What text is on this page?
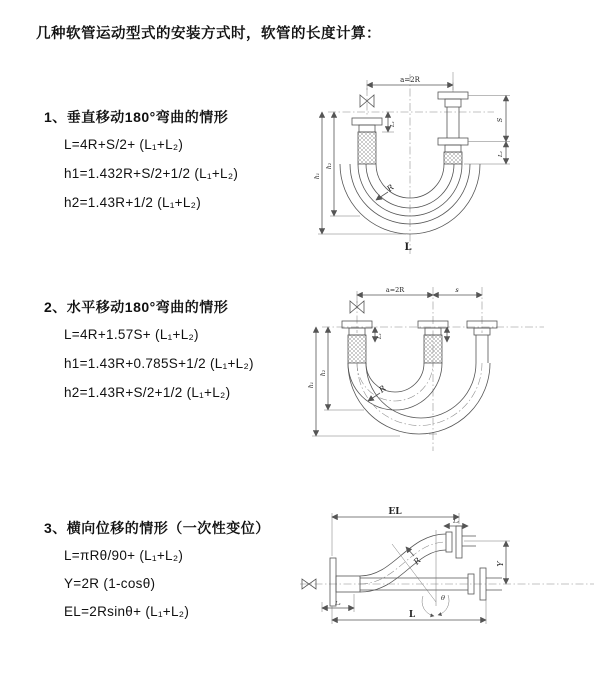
几种软管运动型式的安装方式时，软管的长度计算：
1、垂直移动180°弯曲的情形
L=4R+S/2+ (L₁+L₂)
h1=1.432R+S/2+1/2 (L₁+L₂)
h2=1.43R+1/2 (L₁+L₂)
2、水平移动180°弯曲的情形
L=4R+1.57S+ (L₁+L₂)
h1=1.43R+0.785S+1/2 (L₁+L₂)
h2=1.43R+S/2+1/2 (L₁+L₂)
3、横向位移的情形（一次性变位）
L=πRθ/90+ (L₁+L₂)
Y=2R (1-cosθ)
EL=2Rsinθ+ (L₁+L₂)
a=2R
h₁
h₂
L₁
S
L₂
R
L
a=2R	s
h₁
h₂
L₁
R
θ
R
EL
L₂
Y
L
L₁
